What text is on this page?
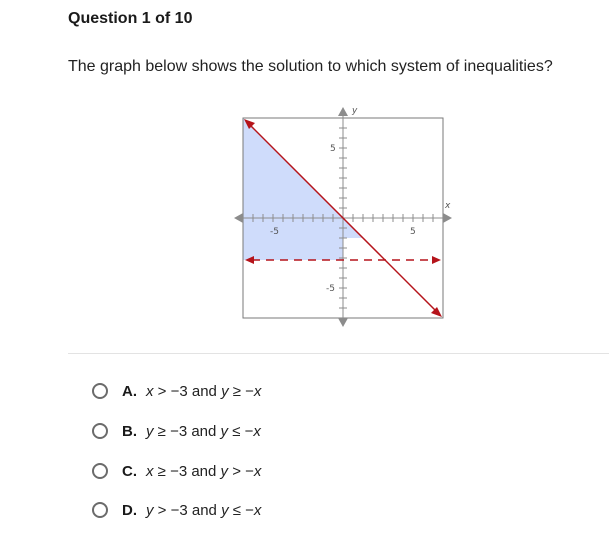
Question 1 of 10
The graph below shows the solution to which system of inequalities?
-5	5
5
-5
y
x
A. x > −3 and y ≥ −x
B. y ≥ −3 and y ≤ −x
C. x ≥ −3 and y > −x
D. y > −3 and y ≤ −x
